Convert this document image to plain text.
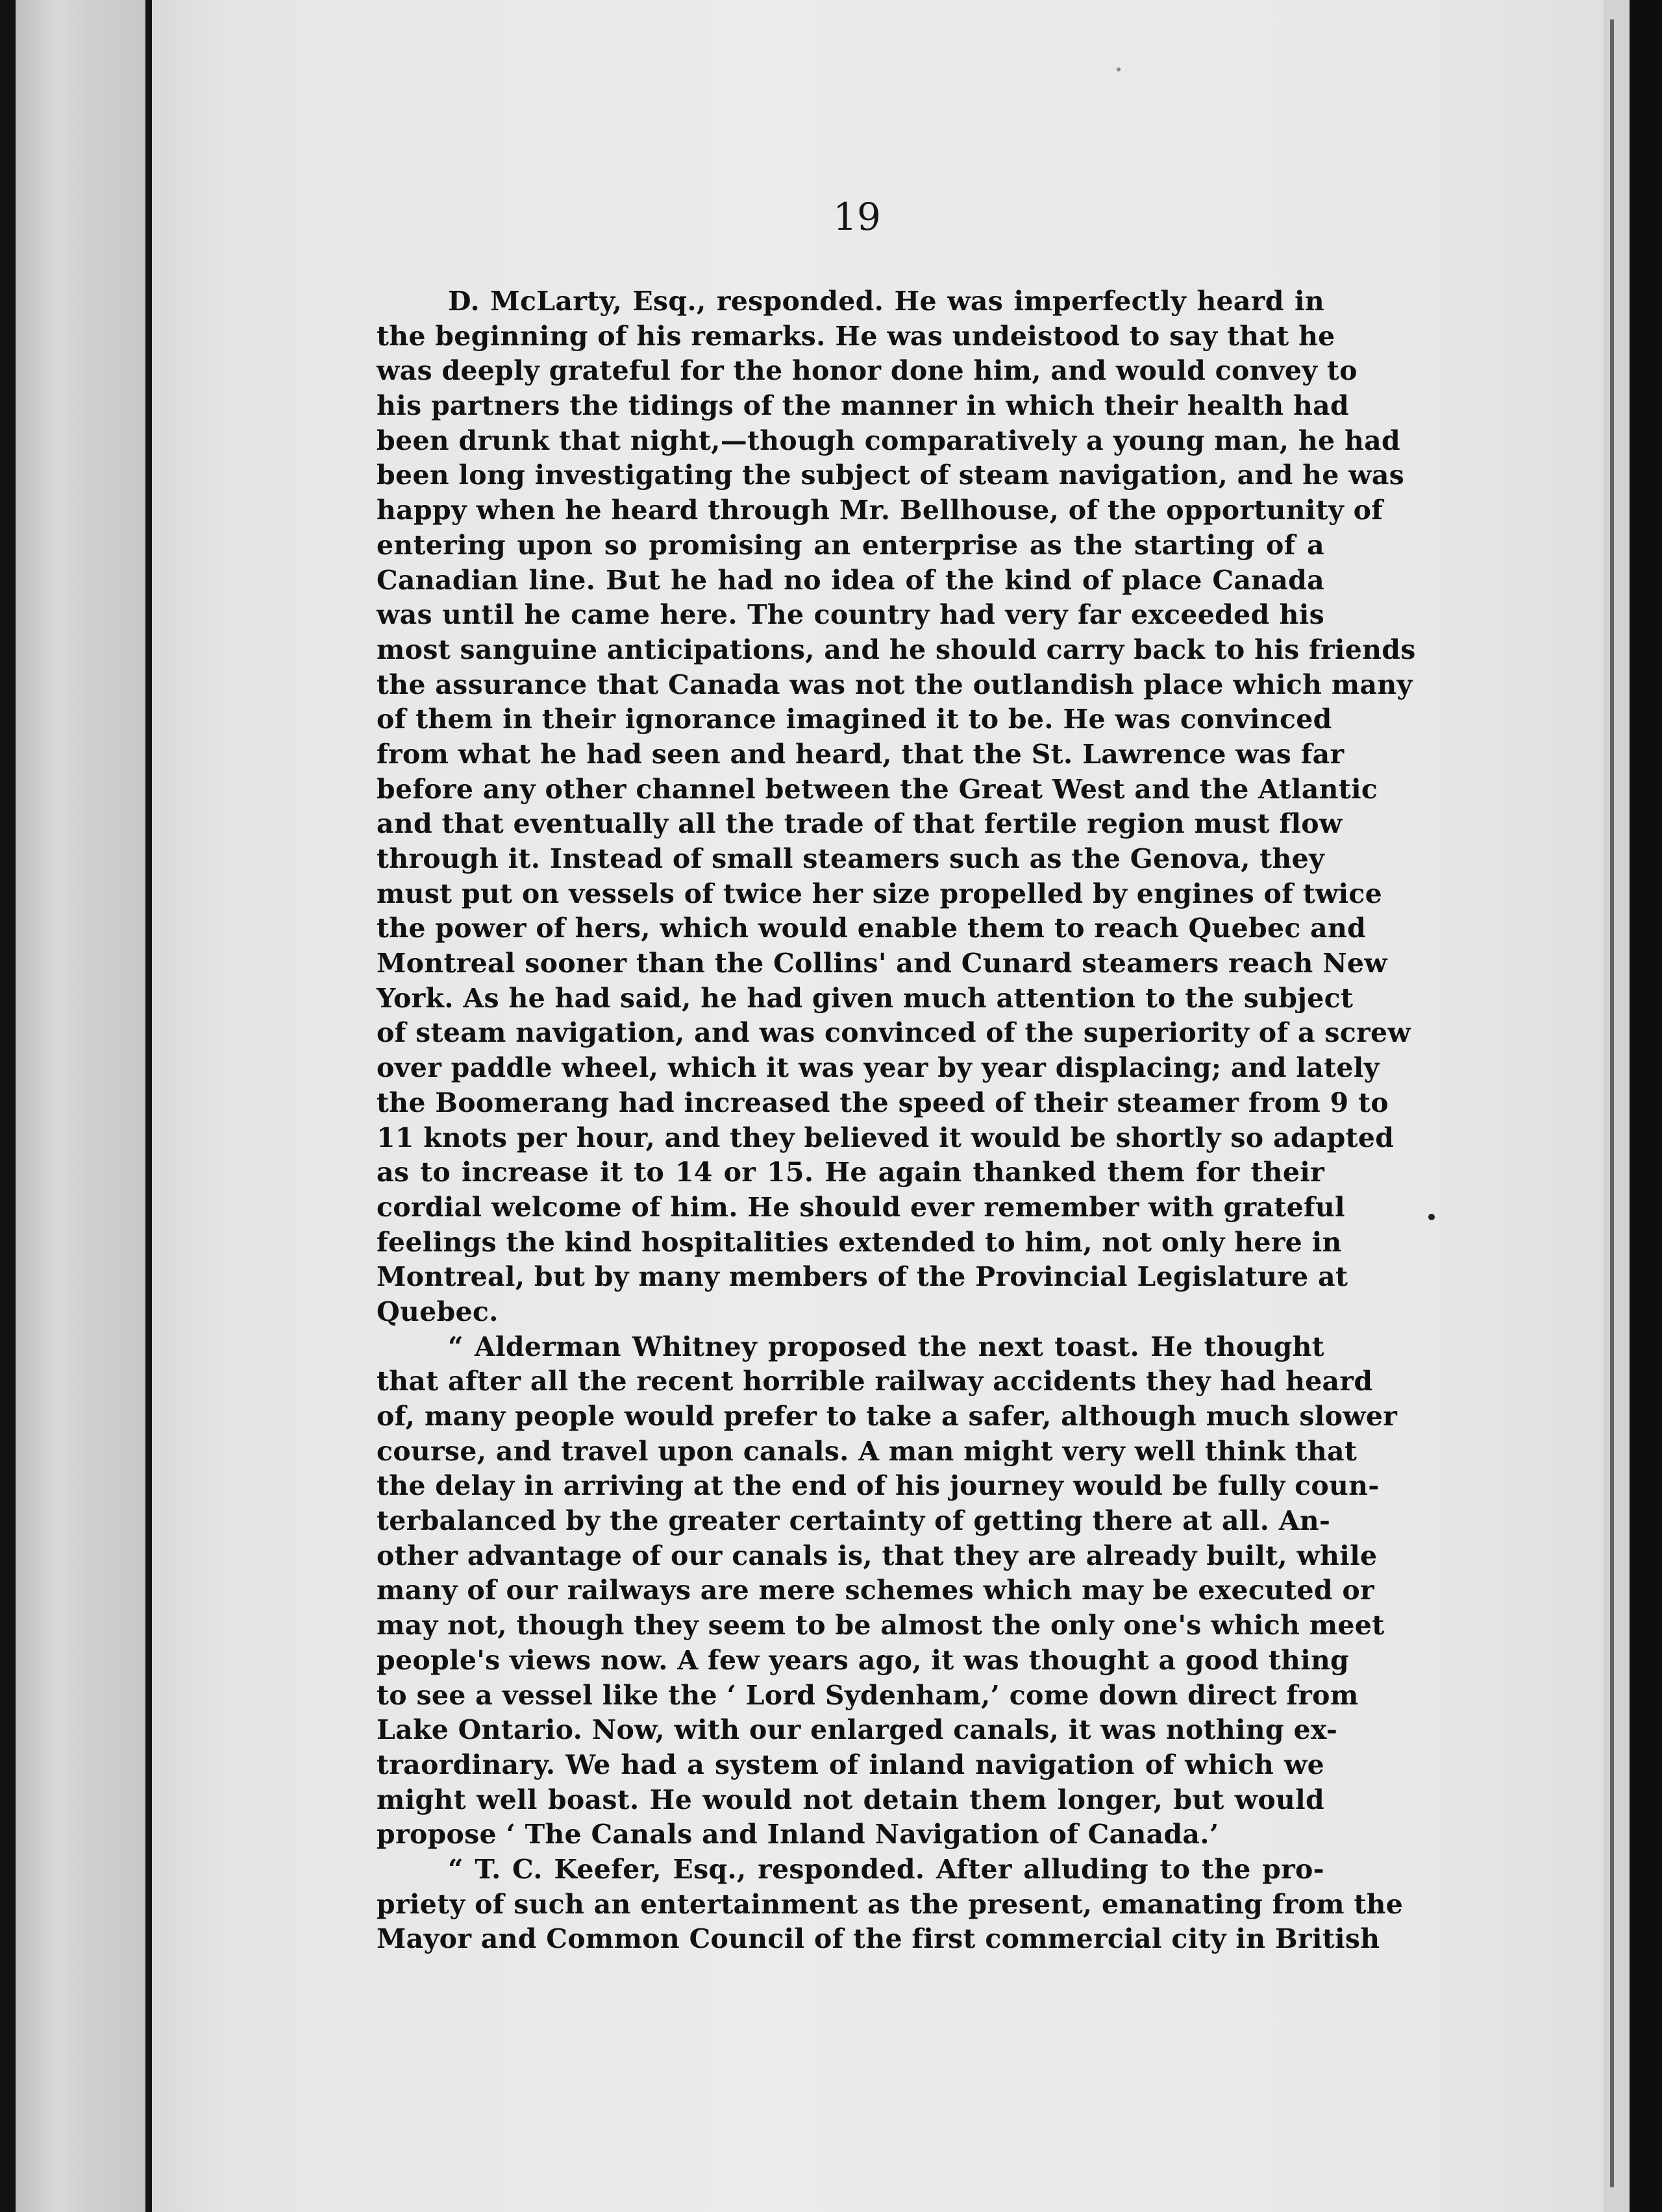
19
D. McLarty, Esq., responded. He was imperfectly heard in
the beginning of his remarks. He was undeistood to say that he
was deeply grateful for the honor done him, and would convey to
his partners the tidings of the manner in which their health had
been drunk that night,—though comparatively a young man, he had
been long investigating the subject of steam navigation, and he was
happy when he heard through Mr. Bellhouse, of the opportunity of
entering upon so promising an enterprise as the starting of a
Canadian line. But he had no idea of the kind of place Canada
was until he came here. The country had very far exceeded his
most sanguine anticipations, and he should carry back to his friends
the assurance that Canada was not the outlandish place which many
of them in their ignorance imagined it to be. He was convinced
from what he had seen and heard, that the St. Lawrence was far
before any other channel between the Great West and the Atlantic
and that eventually all the trade of that fertile region must flow
through it. Instead of small steamers such as the Genova, they
must put on vessels of twice her size propelled by engines of twice
the power of hers, which would enable them to reach Quebec and
Montreal sooner than the Collins' and Cunard steamers reach New
York. As he had said, he had given much attention to the subject
of steam navigation, and was convinced of the superiority of a screw
over paddle wheel, which it was year by year displacing; and lately
the Boomerang had increased the speed of their steamer from 9 to
11 knots per hour, and they believed it would be shortly so adapted
as to increase it to 14 or 15. He again thanked them for their
cordial welcome of him. He should ever remember with grateful
feelings the kind hospitalities extended to him, not only here in
Montreal, but by many members of the Provincial Legislature at
Quebec.
“ Alderman Whitney proposed the next toast. He thought
that after all the recent horrible railway accidents they had heard
of, many people would prefer to take a safer, although much slower
course, and travel upon canals. A man might very well think that
the delay in arriving at the end of his journey would be fully coun-
terbalanced by the greater certainty of getting there at all. An-
other advantage of our canals is, that they are already built, while
many of our railways are mere schemes which may be executed or
may not, though they seem to be almost the only one's which meet
people's views now. A few years ago, it was thought a good thing
to see a vessel like the ‘ Lord Sydenham,’ come down direct from
Lake Ontario. Now, with our enlarged canals, it was nothing ex-
traordinary. We had a system of inland navigation of which we
might well boast. He would not detain them longer, but would
propose ‘ The Canals and Inland Navigation of Canada.’
“ T. C. Keefer, Esq., responded. After alluding to the pro-
priety of such an entertainment as the present, emanating from the
Mayor and Common Council of the first commercial city in British
